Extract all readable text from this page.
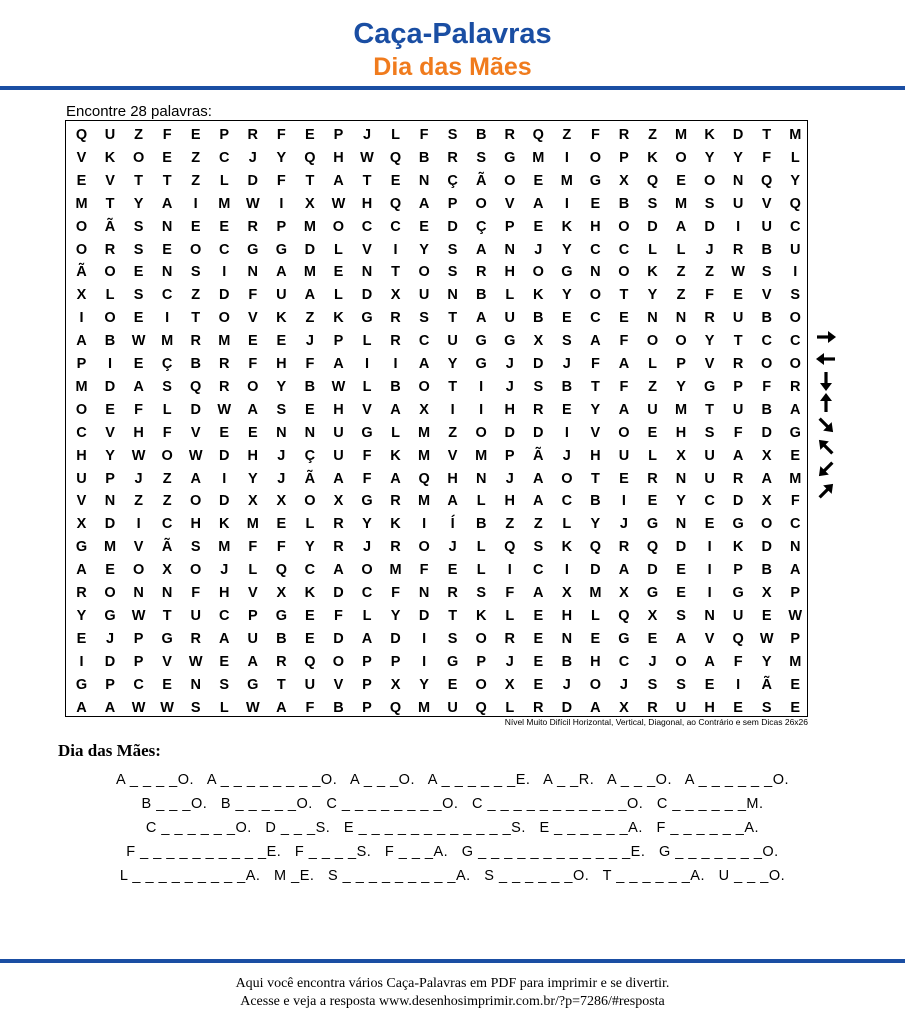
Caça-Palavras
Dia das Mães
Encontre 28 palavras:
Q	U	Z	F	E	P	R	F	E	P	J	L	F	S	B	R	Q	Z	F	R	Z	M	K	D	T	M
V	K	O	E	Z	C	J	Y	Q	H	W	Q	B	R	S	G	M	I	O	P	K	O	Y	Y	F	L
E	V	T	T	Z	L	D	F	T	A	T	E	N	Ç	Ã	O	E	M	G	X	Q	E	O	N	Q	Y
M	T	Y	A	I	M	W	I	X	W	H	Q	A	P	O	V	A	I	E	B	S	M	S	U	V	Q
O	Ã	S	N	E	E	R	P	M	O	C	C	E	D	Ç	P	E	K	H	O	D	A	D	I	U	C
O	R	S	E	O	C	G	G	D	L	V	I	Y	S	A	N	J	Y	C	C	L	L	J	R	B	U
Ã	O	E	N	S	I	N	A	M	E	N	T	O	S	R	H	O	G	N	O	K	Z	Z	W	S	I
X	L	S	C	Z	D	F	U	A	L	D	X	U	N	B	L	K	Y	O	T	Y	Z	F	E	V	S
I	O	E	I	T	O	V	K	Z	K	G	R	S	T	A	U	B	E	C	E	N	N	R	U	B	O
A	B	W	M	R	M	E	E	J	P	L	R	C	U	G	G	X	S	A	F	O	O	Y	T	C	C
P	I	E	Ç	B	R	F	H	F	A	I	I	A	Y	G	J	D	J	F	A	L	P	V	R	O	O
M	D	A	S	Q	R	O	Y	B	W	L	B	O	T	I	J	S	B	T	F	Z	Y	G	P	F	R
O	E	F	L	D	W	A	S	E	H	V	A	X	I	I	H	R	E	Y	A	U	M	T	U	B	A
C	V	H	F	V	E	E	N	N	U	G	L	M	Z	O	D	D	I	V	O	E	H	S	F	D	G
H	Y	W	O	W	D	H	J	Ç	U	F	K	M	V	M	P	Ã	J	H	U	L	X	U	A	X	E
U	P	J	Z	A	I	Y	J	Ã	A	F	A	Q	H	N	J	A	O	T	E	R	N	U	R	A	M
V	N	Z	Z	O	D	X	X	O	X	G	R	M	A	L	H	A	C	B	I	E	Y	C	D	X	F
X	D	I	C	H	K	M	E	L	R	Y	K	I	Í	B	Z	Z	L	Y	J	G	N	E	G	O	C
G	M	V	Ã	S	M	F	F	Y	R	J	R	O	J	L	Q	S	K	Q	R	Q	D	I	K	D	N
A	E	O	X	O	J	L	Q	C	A	O	M	F	E	L	I	C	I	D	A	D	E	I	P	B	A
R	O	N	N	F	H	V	X	K	D	C	F	N	R	S	F	A	X	M	X	G	E	I	G	X	P
Y	G	W	T	U	C	P	G	E	F	L	Y	D	T	K	L	E	H	L	Q	X	S	N	U	E	W
E	J	P	G	R	A	U	B	E	D	A	D	I	S	O	R	E	N	E	G	E	A	V	Q	W	P
I	D	P	V	W	E	A	R	Q	O	P	P	I	G	P	J	E	B	H	C	J	O	A	F	Y	M
G	P	C	E	N	S	G	T	U	V	P	X	Y	E	O	X	E	J	O	J	S	S	E	I	Ã	E
A	A	W	W	S	L	W	A	F	B	P	Q	M	U	Q	L	R	D	A	X	R	U	H	E	S	E
Nível Muito Difícil Horizontal, Vertical, Diagonal, ao Contrário e sem Dicas 26x26
Dia das Mães:
A _ _ _ _O.   A _ _ _ _ _ _ _ _O.   A _ _ _O.   A _ _ _ _ _ _E.   A _ _R.   A _ _ _O.   A _ _ _ _ _ _O.
B _ _ _O.   B _ _ _ _ _O.   C _ _ _ _ _ _ _ _O.   C _ _ _ _ _ _ _ _ _ _ _O.   C _ _ _ _ _ _M.
C _ _ _ _ _ _O.   D _ _ _S.   E _ _ _ _ _ _ _ _ _ _ _ _S.   E _ _ _ _ _ _A.   F _ _ _ _ _ _A.
F _ _ _ _ _ _ _ _ _ _E.   F _ _ _ _S.   F _ _ _A.   G _ _ _ _ _ _ _ _ _ _ _ _E.   G _ _ _ _ _ _ _O.
L _ _ _ _ _ _ _ _ _A.   M _E.   S _ _ _ _ _ _ _ _ _A.   S _ _ _ _ _ _O.   T _ _ _ _ _ _A.   U _ _ _O.
Aqui você encontra vários Caça-Palavras em PDF para imprimir e se divertir.
Acesse e veja a resposta www.desenhosimprimir.com.br/?p=7286/#resposta
